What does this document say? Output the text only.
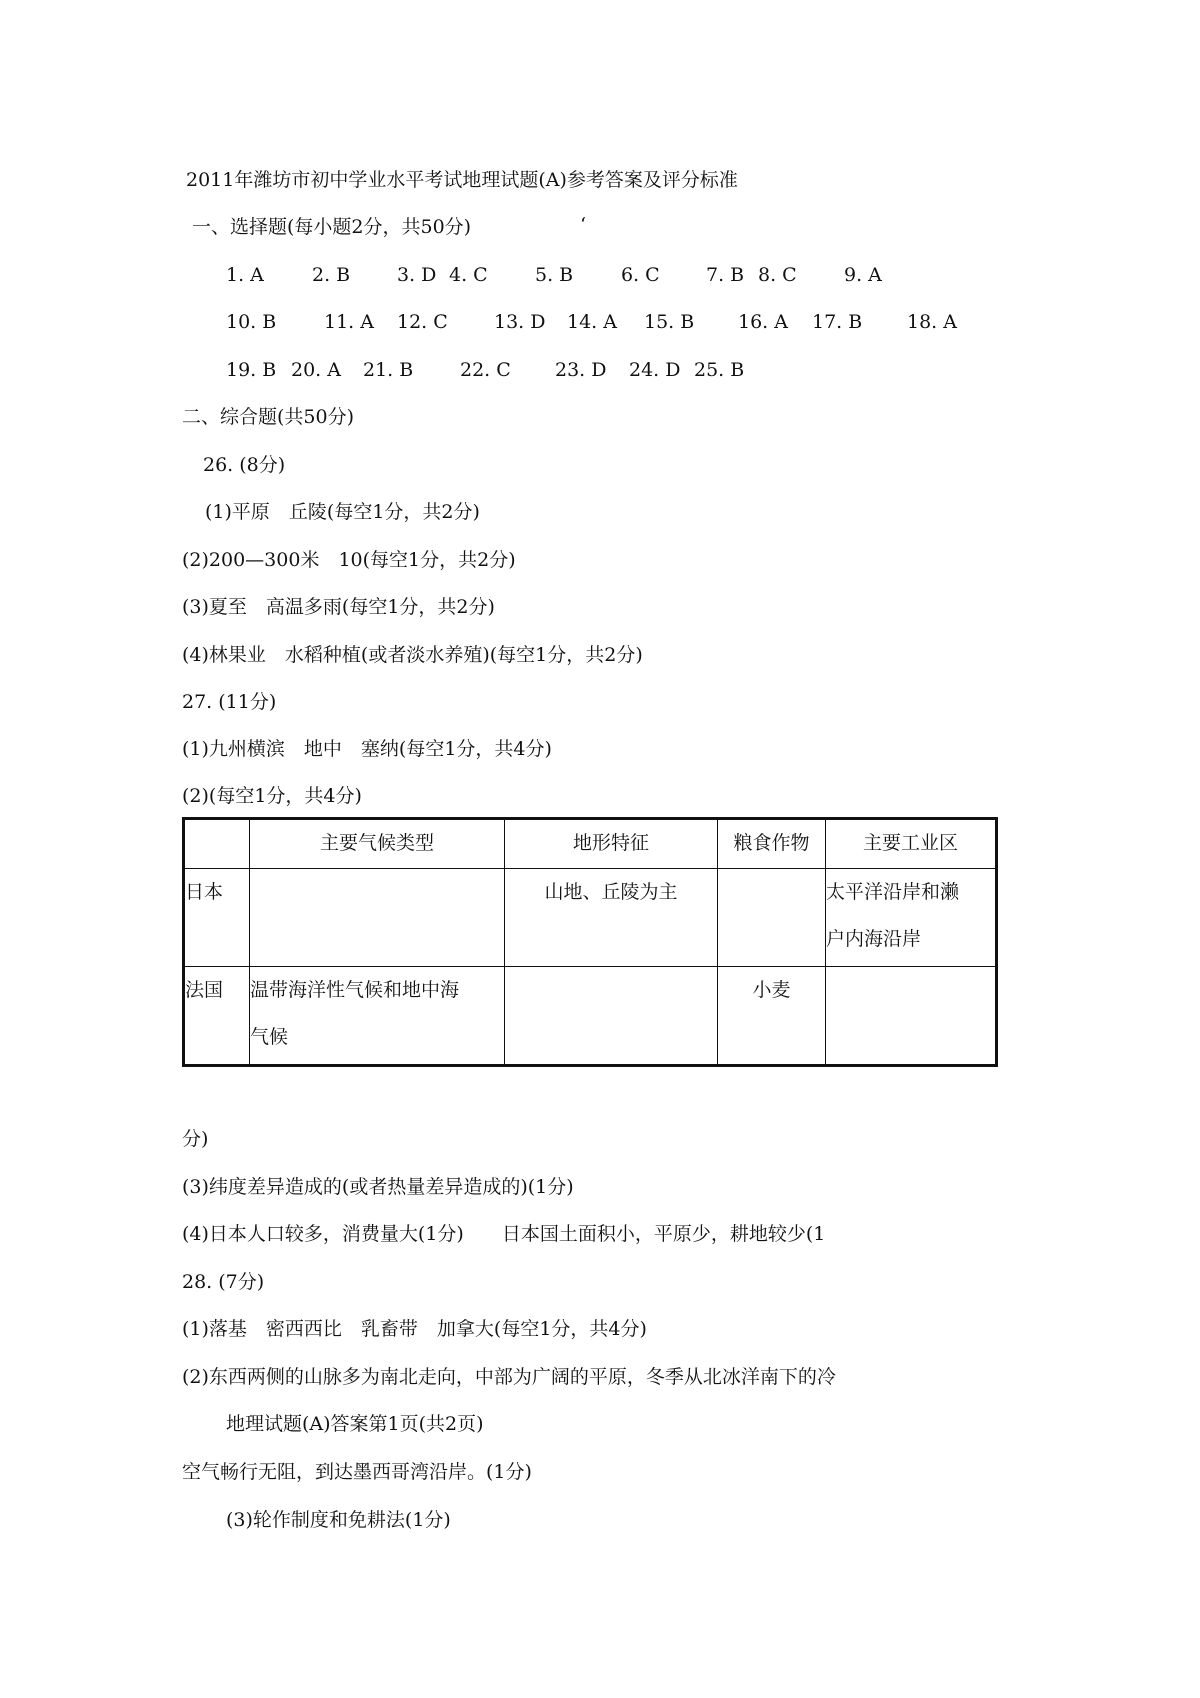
2011年潍坊市初中学业水平考试地理试题(A)参考答案及评分标准
一、选择题(每小题2分，共50分)	‘
1. A	2. B 3. D 4. C 5. B	6. C 7. B 8. C 9. A
10. B	11. A 12. C 13. D 14. A 15. B 16. A 17. B 18. A
19. B 20. A 21. B 22. C 23. D 24. D 25. B
二、综合题(共50分)
26. (8分)
(1)平原　丘陵(每空1分，共2分)
(2)200—300米　10(每空1分，共2分)
(3)夏至　高温多雨(每空1分，共2分)
(4)林果业　水稻种植(或者淡水养殖)(每空1分，共2分)
27. (11分)
(1)九州横滨　地中　塞纳(每空1分，共4分)
(2)(每空1分，共4分)
	主要气候类型	地形特征	粮食作物	主要工业区
日本		山地、丘陵为主		太平洋沿岸和濑
户内海沿岸

法国	温带海洋性气候和地中海
气候		小麦	
分)
(3)纬度差异造成的(或者热量差异造成的)(1分)
(4)日本人口较多，消费量大(1分)　　日本国土面积小，平原少，耕地较少(1
28. (7分)
(1)落基　密西西比　乳畜带　加拿大(每空1分，共4分)
(2)东西两侧的山脉多为南北走向，中部为广阔的平原，冬季从北冰洋南下的冷
地理试题(A)答案第1页(共2页)
空气畅行无阻，到达墨西哥湾沿岸。(1分)
(3)轮作制度和免耕法(1分)
